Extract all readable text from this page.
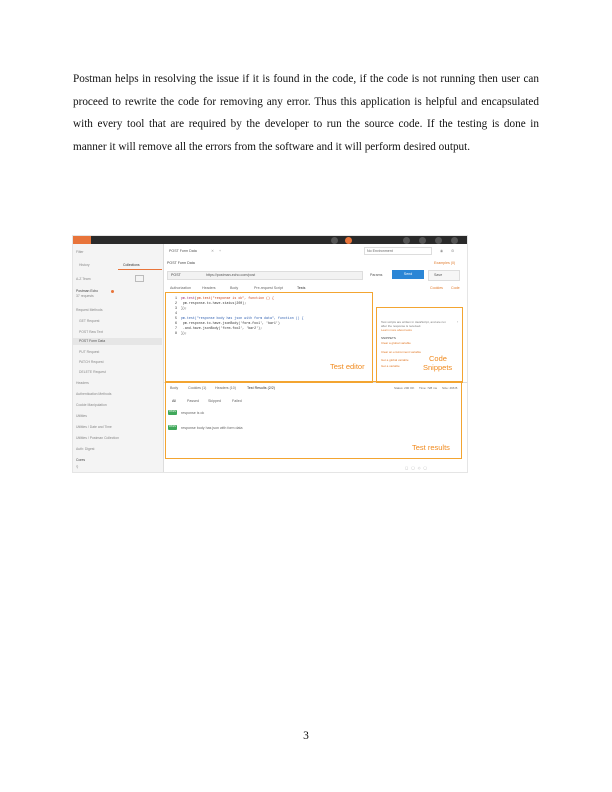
Postman helps in resolving the issue if it is found in the code, if the code is not running then user can proceed to rewrite the code for removing any error. Thus this application is helpful and encapsulated with every tool that are required by the developer to run the source code. If the testing is done in manner it will remove all the errors from the software and it will perform desired output.

Filter
History	Collections
A-Z Team
Postman Echo
37 requests
Request Methods
GET Request
POST Raw Text
POST Form Data
PUT Request
PATCH Request
DELETE Request
Headers
Authentication Methods
Cookie Manipulation
Utilities
Utilities / Date and Time
Utilities / Postman Collection
Auth: Digest
Cores
⚲
POST Form Data	✕ +	No Environment	◉ ⚙
POST Form Data	Examples (0)
POST	https://postman-echo.com/post	Params	Send	Save
Authorization	Headers	Body	Pre-request Script	Tests	Cookies Code
1  pm.test(pm.test("response is ok", function () {
2   pm.response.to.have.status(200);
3  });
4
5  pm.test("response body has json with form data", function () {
6   pm.response.to.have.jsonBody('form.foo1', 'bar1')
7   .and.have.jsonBody('form.foo2', 'bar2');
8  });
Test scripts are written in JavaScript, and are run after the response is received.
Learn more about tests
SNIPPETS
Clear a global variable
Clear an environment variable
Get a global variable
Get a variable
›
Body	Cookies (1) Headers (10)	Test Results (2/2)	Status: 200 OK Time: 728 ms Size: 496 B
All	Passed	Skipped	Failed
PASS	response is ok
PASS	response body has json with form data
▢   ▢   ◇   ▢
Test editor
Code
Snippets
Test results
3
